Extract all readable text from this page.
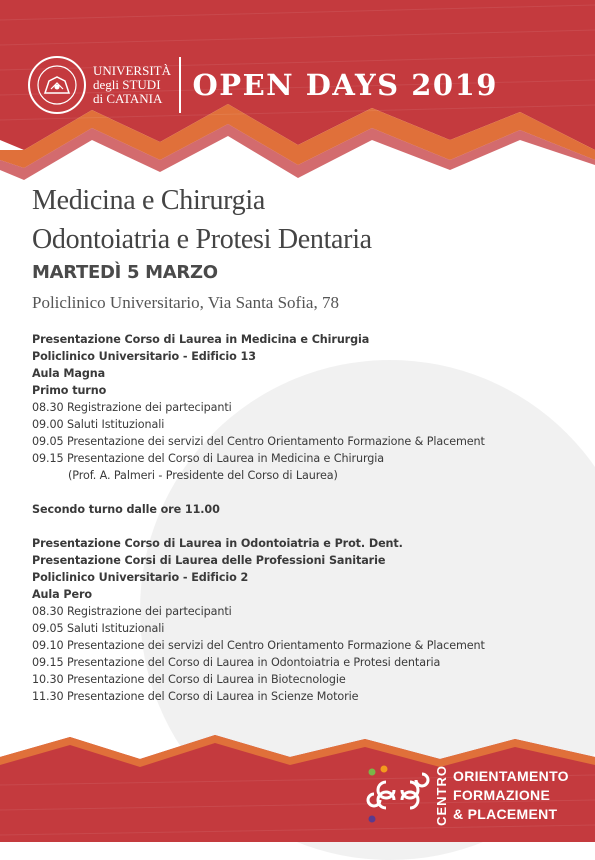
UNIVERSITÀ
degli STUDI
di CATANIA OPEN DAYS 2019
Medicina e Chirurgia
Odontoiatria e Protesi Dentaria
MARTEDÌ 5 MARZO
Policlinico Universitario, Via Santa Sofia, 78
Presentazione Corso di Laurea in Medicina e Chirurgia
Policlinico Universitario - Edificio 13
Aula Magna
Primo turno
08.30 Registrazione dei partecipanti
09.00 Saluti Istituzionali
09.05 Presentazione dei servizi del Centro Orientamento Formazione & Placement
09.15 Presentazione del Corso di Laurea in Medicina e Chirurgia
(Prof. A. Palmeri - Presidente del Corso di Laurea)
Secondo turno dalle ore 11.00
Presentazione Corso di Laurea in Odontoiatria e Prot. Dent.
Presentazione Corsi di Laurea delle Professioni Sanitarie
Policlinico Universitario - Edificio 2
Aula Pero
08.30 Registrazione dei partecipanti
09.05 Saluti Istituzionali
09.10 Presentazione dei servizi del Centro Orientamento Formazione & Placement
09.15 Presentazione del Corso di Laurea in Odontoiatria e Protesi dentaria
10.30 Presentazione del Corso di Laurea in Biotecnologie
11.30 Presentazione del Corso di Laurea in Scienze Motorie
CENTRO ORIENTAMENTO
FORMAZIONE
& PLACEMENT
